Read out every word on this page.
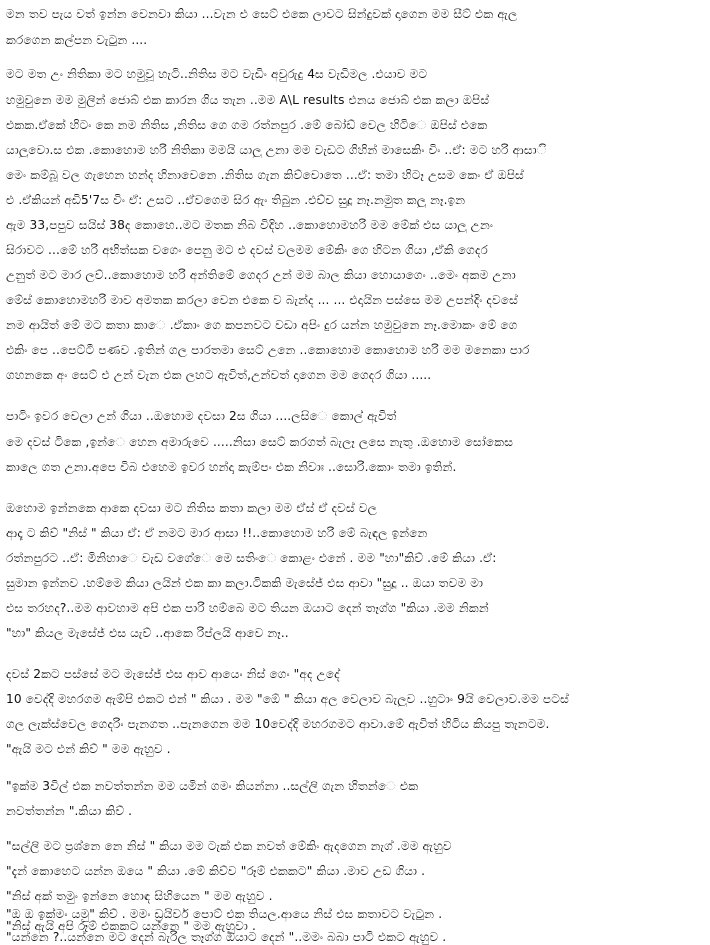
මන තව පැය වත් ඉන්න වෙනවා කියා ...වැන එ සෙට් එකෙ ලාවට සින්දුවක් දාගෙන මම සීට් එක ඇල
කරගෙන කල්පන වැටුන ....
මට මත උං නිතිකා මට හමුවූ හැටි..නිතිස මට වැඩිං අවුරුදු 4ස වැඩිමල .එයාව මට
හමුවුනෙ මම මුලින් ජොබ් එක කාරන ගිය තැන ..මම A\L results එනය ජොබ් එක කලා ඔපිස්
එකක.ඒකේ හිටං කෙ නම නිතිස ,නිතිස ගෙ ගම රත්නපුර .මේ බෝඩ් වෙල හිටිෙ ඔපිස් එකෙ
යාලුවො.ස එක .කොහොම හරි නිතිකා මමයි යාලු උනා මම වැඩට ගිහින් මාසෙකිං විං ..ඒ: මට හරි ආසාි
මෙං කම්බූ වල ගැහෙන හන්ද හිනාවෙනෙ .නිතිස ගැන කිව්වොතෙ ...ඒ: තමා හිටෑ උසම කෙං ඒ ඔපිස්
එ .ඒකියන් අඩි5'7ස විං ඒ: උසට ..ඒවගෙම සිර ඇං තිබුන .එච්ච සුදූ නෑ.නමුත කලු නෑ.ඉන
ඇම 33,පපුව සයිස් 38ද කොහෙ..මට මතක නිබ විදිහ ..කොහොමහරි මම මේක් එස යාලු උනං
සිරාවට ...මේ හරි අභිත්සක වගෙං පෙනු මට එ දවස් වලමම මේකිං ගෙ හිටන ගියා ,ඒකි ගෙදර
උනුත් මට මාර ලව්..කොහොම හරි අන්තිමේ ගෙදර උන් මම බාල කියා හොයාගෙං ..මෙං අකම උනා
මේස් කොහොමහරි මාව අමතක කරලා වෙන එකෙ ව බැන්ද ... ... එදායින පස්සෙ මම උපන්දිං දවසේ
නම ආයිත් මේ මට කතා කාෙ .ඒකාං ගෙ කපනවට වඩා අපිං දුර යන්න හමුවුනෙ නෑ.මොකං මේ ගෙ
එකිං පෙ ..පෙට්ටී පණව .ඉතින් ගල පාරතමා සෙට් උනෙ ..කොහොම කොහොම හරි මම මනෙකා පාර
ගහනකෙ අං සෙට් එ උන් වැන එක ලහට ඇවිත්,උන්වත් දාගෙන මම ගෙදර ගියා .....
පාටිං ඉවර වෙලා උන් ගියා ..ඔහොම දවසා 2ස ගියා ....ලසිෙ කොල් ඇවිත්
මෙ දවස් ටිකෙ ,ඉන්ෙ හෙන අමාරුවෙ .....නිසා සෙට් කරගත් බැලෑ ලසෙ නැතු .ඔහොම සෝකෙස
කාලෙ ගත උනා.අපෙ විබ එහෙම ඉවර හන්දා කැම්පං එක නිවාඃ ..සොරි.කොං තමා ඉතින්.
ඔහොම ඉන්නකෙ ආකෙ දවසා මට නිතිස කතා කලා මම ඒස් ඒ දවස් වල
ආදෑ ට කිව් "නිස් " කියා ඒ: ඒ නමට මාර ආසා !!..කොහොම හරි මේ බැඳල ඉන්නෙ
රත්නපුරට ..ඒ: මිනිහාෙ වැඩ වගේෙ මෙ සතිංෙ කොළං එනේ . මම "හා"කිව් .මේ කියා .ඒ:
සුමාන ඉන්නව .හම්මෙ කියා ලයින් එක කා කලා.ටිකකි මැසේජ් එස ආවා "සුදූ .. ඔයා තවම මා
එස තරහද?..මම ආවහාම අපි එක පාරි හම්බෙ මට තියන ඔයාට දෙන් තෑග්ග "කියා .මම නිකන්
"හා" කියල මැසේජ් එස යැව් ..ආකෙ රිප්ලයි ආවෙ නෑ..
දවස් 2කට පස්සේ මට මැසේජ් එස ආව ආයෙං නිස් ගෙං "අද උදේ
10 වෙද්දි මහරගම ඇම්පි එකට එන් " කියා . මම "ඕෙ " කියා අල වෙලාව බැලුව ..හුටාං 9යි වෙලාව.මම පටස්
ගල ලැක්ස්වෙල ගෙදරිං පැනගත ..පැනගෙන මම 10වෙද්දි මහරගමට ආවා.මේ ඇවිත් හිටිය කියපු තැනටම.
"ඇයි මට එන් කිව් " මම ඇහුව .
"ඉක්ම 3විල් එක නවත්තන්න මම යමින් ගමං කියන්නා ..සල්ලි ගැන හිතන්ෙ එක
නවත්තන්න ".කියා කිව් .
"සල්ලි මට ප්‍රශ්නෙ නෙ නිස් " කියා මම ටැක් එක නවත් මේකිං ඇදගෙන නැග් .මම ඇහුව
"දැන් කොහෙට යන්න ඔයෙ " කියා .මේ කිව්ව "රූම් එකකට" කියා .මාව උඩ ගියා .
"නිස් අක් තමුං ඉන්නෙ හොඳ සිහියෙන " මම ඇහුව .
"ඔ ඔ ඉක්මං යමු" කිව් . මමං ඩ්‍රයිවර් පොට් එක තියල.ආයෙ නිස් එස කතාවට වැටුන .
"නිස් ඇයි අපි රූම් එකකට යන්නෙ " මම ඇහුවා .
"යන්නෙ ?..යන්නෙ මට දෙන් බැරිල තෑග්ග ඔයාට දෙන් "..මමං බබා පාටි එකට ඇහුව .
